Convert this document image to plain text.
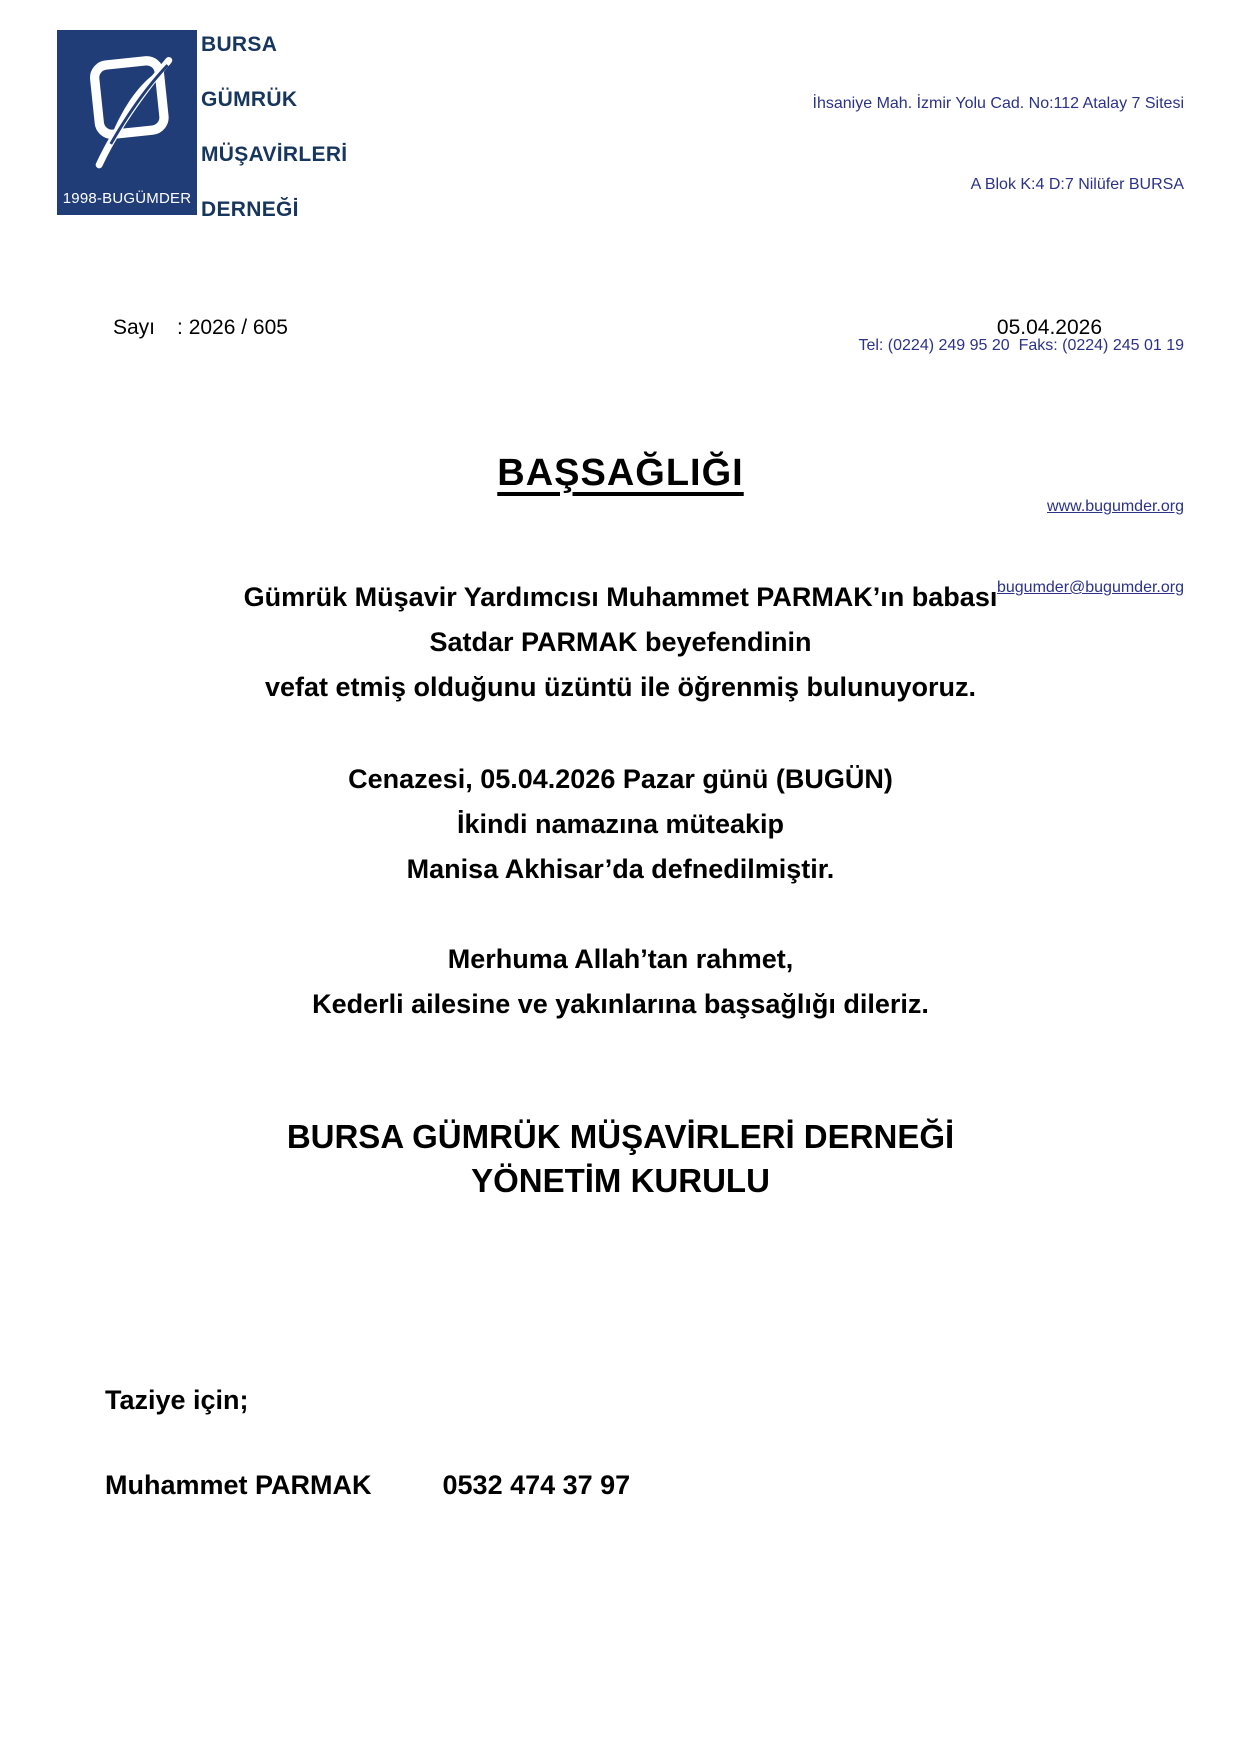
1998-BUGÜMDER
BURSA
GÜMRÜK
MÜŞAVİRLERİ
DERNEĞİ

İhsaniye Mah. İzmir Yolu Cad. No:112 Atalay 7 Sitesi

A Blok K:4 D:7 Nilüfer BURSA

Tel: (0224) 249 95 20  Faks: (0224) 245 01 19

www.bugumder.org

bugumder@bugumder.org

Sayı : 2026 / 605	05.04.2026
BAŞSAĞLIĞI
Gümrük Müşavir Yardımcısı Muhammet PARMAK’ın babası
Satdar PARMAK beyefendinin
vefat etmiş olduğunu üzüntü ile öğrenmiş bulunuyoruz.
Cenazesi, 05.04.2026 Pazar günü (BUGÜN)
İkindi namazına müteakip
Manisa Akhisar’da defnedilmiştir.
Merhuma Allah’tan rahmet,
Kederli ailesine ve yakınlarına başsağlığı dileriz.
BURSA GÜMRÜK MÜŞAVİRLERİ DERNEĞİ
YÖNETİM KURULU
Taziye için;
Muhammet PARMAK	0532 474 37 97
